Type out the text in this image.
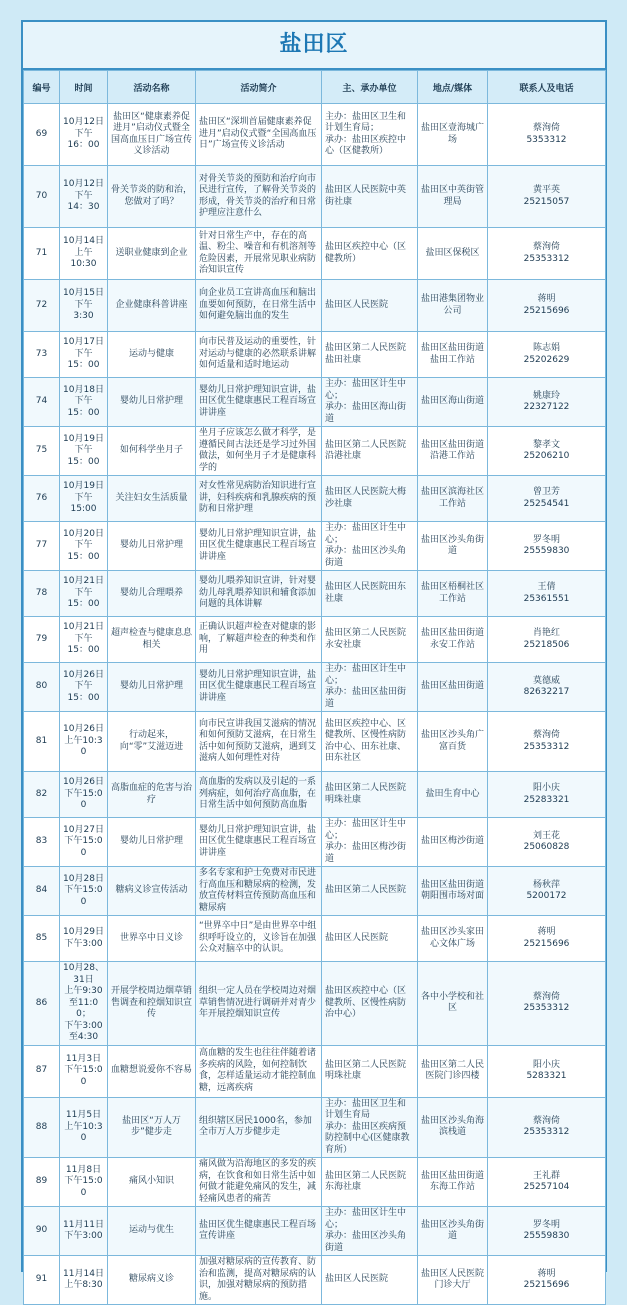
盐田区
编号	时间	活动名称	活动简介	主、承办单位	地点/媒体	联系人及电话
69	10月12日
下午
16：00	盐田区“健康素养促进月”启动仪式暨全国高血压日广场宣传义诊活动	盐田区“深圳首届健康素养促进月”启动仪式暨“全国高血压日”广场宣传义诊活动	主办：盐田区卫生和计划生育局；
承办：盐田区疾控中心（区健教所）	盐田区壹海城广场	蔡洵倚
5353312
70	10月12日
下午
14：30	骨关节炎的防和治，您做对了吗？	对骨关节炎的预防和治疗向市民进行宣传，了解骨关节炎的形成，骨关节炎的治疗和日常护理应注意什么	盐田区人民医院中英街社康	盐田区中英街管理局	黄平英
25215057
71	10月14日
上午
10:30	送职业健康到企业	针对日常生产中，存在的高温、粉尘、噪音和有机溶剂等危险因素，开展常见职业病防治知识宣传	盐田区疾控中心（区健教所）	盐田区保税区	蔡洵倚
25353312
72	10月15日
下午
3:30	企业健康科普讲座	向企业员工宣讲高血压和脑出血要如何预防，在日常生活中如何避免脑出血的发生	盐田区人民医院	盐田港集团物业公司	蒋明
25215696
73	10月17日
下午
15：00	运动与健康	向市民普及运动的重要性，针对运动与健康的必然联系讲解如何适量和适时地运动	盐田区第二人民医院盐田社康	盐田区盐田街道盐田工作站	陈志娟
25202629
74	10月18日
下午
15：00	婴幼儿日常护理	婴幼儿日常护理知识宣讲，盐田区优生健康惠民工程百场宣讲讲座	主办：盐田区计生中心；
承办：盐田区海山街道	盐田区海山街道	姚康玲
22327122
75	10月19日
下午
15：00	如何科学坐月子	坐月子应该怎么做才科学，是遵循民间古法还是学习过外国做法，如何坐月子才是健康科学的	盐田区第二人民医院沿港社康	盐田区盐田街道沿港工作站	黎孝文
25206210
76	10月19日
下午
15:00	关注妇女生活质量	对女性常见病防治知识进行宣讲，妇科疾病和乳腺疾病的预防和日常护理	盐田区人民医院大梅沙社康	盐田区滨海社区工作站	曾卫芳
25254541
77	10月20日
下午
15：00	婴幼儿日常护理	婴幼儿日常护理知识宣讲，盐田区优生健康惠民工程百场宣讲讲座	主办：盐田区计生中心；
承办：盐田区沙头角街道	盐田区沙头角街道	罗冬明
25559830
78	10月21日
下午
15：00	婴幼儿合理喂养	婴幼儿喂养知识宣讲，针对婴幼儿母乳喂养知识和辅食添加问题的具体讲解	盐田区人民医院田东社康	盐田区梧桐社区工作站	王倩
25361551
79	10月21日
下午
15：00	超声检查与健康息息相关	正确认识超声检查对健康的影响，了解超声检查的种类和作用	盐田区第二人民医院永安社康	盐田区盐田街道永安工作站	肖艳红
25218506
80	10月26日
下午
15：00	婴幼儿日常护理	婴幼儿日常护理知识宣讲，盐田区优生健康惠民工程百场宣讲讲座	主办：盐田区计生中心；
承办：盐田区盐田街道	盐田区盐田街道	莫德威
82632217
81	10月26日
上午10:30	行动起来，向“零”艾滋迈进	向市民宣讲我国艾滋病的情况和如何预防艾滋病，在日常生活中如何预防艾滋病，遇到艾滋病人如何理性对待	盐田区疾控中心、区健教所、区慢性病防治中心、田东社康、田东社区	盐田区沙头角广富百货	蔡洵倚
25353312
82	10月26日
下午15:00	高脂血症的危害与治疗	高血脂的发病以及引起的一系列病症，如何治疗高血脂，在日常生活中如何预防高血脂	盐田区第二人民医院明珠社康	盐田生育中心	阳小庆
25283321
83	10月27日
下午15:00	婴幼儿日常护理	婴幼儿日常护理知识宣讲，盐田区优生健康惠民工程百场宣讲讲座	主办：盐田区计生中心；
承办：盐田区梅沙街道	盐田区梅沙街道	刘王花
25060828
84	10月28日
下午15:00	糖病义诊宣传活动	多名专家和护士免费对市民进行高血压和糖尿病的检测，发放宣传材料宣传预防高血压和糖尿病	盐田区第二人民医院	盐田区盐田街道朝阳围市场对面	杨秋萍
5200172
85	10月29日
下午3:00	世界卒中日义诊	“世界卒中日”是由世界卒中组织呼吁设立的，义诊旨在加强公众对脑卒中的认识。	盐田区人民医院	盐田区沙头家田心文体广场	蒋明
25215696
86	10月28、31日
上午9:30至11:00；
下午3:00至4:30	开展学校周边烟草销售调查和控烟知识宣传	组织一定人员在学校周边对烟草销售情况进行调研并对青少年开展控烟知识宣传	盐田区疾控中心（区健教所、区慢性病防治中心）	各中小学校和社区	蔡洵倚
25353312
87	11月3日
下午15:00	血糖想说爱你不容易	高血糖的发生也往往伴随着诸多疾病的风险，如何控制饮食，怎样适量运动才能控制血糖，远离疾病	盐田区第二人民医院明珠社康	盐田区第二人民医院门诊四楼	阳小庆
5283321
88	11月5日
上午10:30	盐田区“万人万步”健步走	组织辖区居民1000名，参加全市万人万步健步走	主办：盐田区卫生和计划生育局
承办：盐田区疾病预防控制中心(区健康教育所）	盐田区沙头角海滨栈道	蔡洵倚
25353312
89	11月8日
下午15:00	痛风小知识	痛风做为沿海地区的多发的疾病，在饮食和如日常生活中如何做才能避免痛风的发生，减轻痛风患者的痛苦	盐田区第二人民医院东海社康	盐田区盐田街道东海工作站	王礼群
25257104
90	11月11日
下午3:00	运动与优生	盐田区优生健康惠民工程百场宣传讲座	主办：盐田区计生中心；
承办：盐田区沙头角街道	盐田区沙头角街道	罗冬明
25559830
91	11月14日
上午8:30	糖尿病义诊	加强对糖尿病的宣传教育、防治和监测，提高对糖尿病的认识，加强对糖尿病的预防措施。	盐田区人民医院	盐田区人民医院门诊大厅	蒋明
25215696
